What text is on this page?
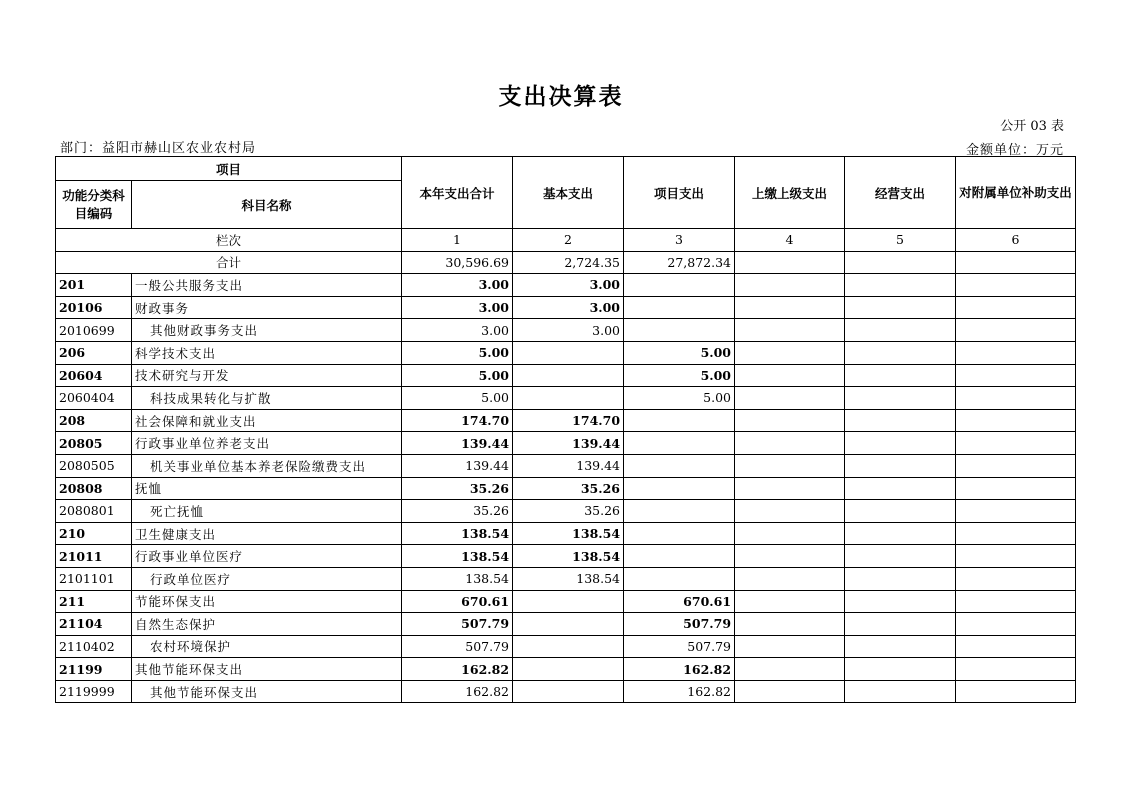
支出决算表
公开 03 表
部门：益阳市赫山区农业农村局	金额单位：万元
项目		本年支出合计	基本支出	项目支出	上缴上级支出	经营支出	对附属单位补助支出
功能分类科目编码	科目名称						
栏次		1	2	3	4	5	6
合计		30,596.69	2,724.35	27,872.34			
201	一般公共服务支出	3.00	3.00				
20106	财政事务	3.00	3.00				
2010699	其他财政事务支出	3.00	3.00				
206	科学技术支出	5.00		5.00			
20604	技术研究与开发	5.00		5.00			
2060404	科技成果转化与扩散	5.00		5.00			
208	社会保障和就业支出	174.70	174.70				
20805	行政事业单位养老支出	139.44	139.44				
2080505	机关事业单位基本养老保险缴费支出	139.44	139.44				
20808	抚恤	35.26	35.26				
2080801	死亡抚恤	35.26	35.26				
210	卫生健康支出	138.54	138.54				
21011	行政事业单位医疗	138.54	138.54				
2101101	行政单位医疗	138.54	138.54				
211	节能环保支出	670.61		670.61			
21104	自然生态保护	507.79		507.79			
2110402	农村环境保护	507.79		507.79			
21199	其他节能环保支出	162.82		162.82			
2119999	其他节能环保支出	162.82		162.82			
